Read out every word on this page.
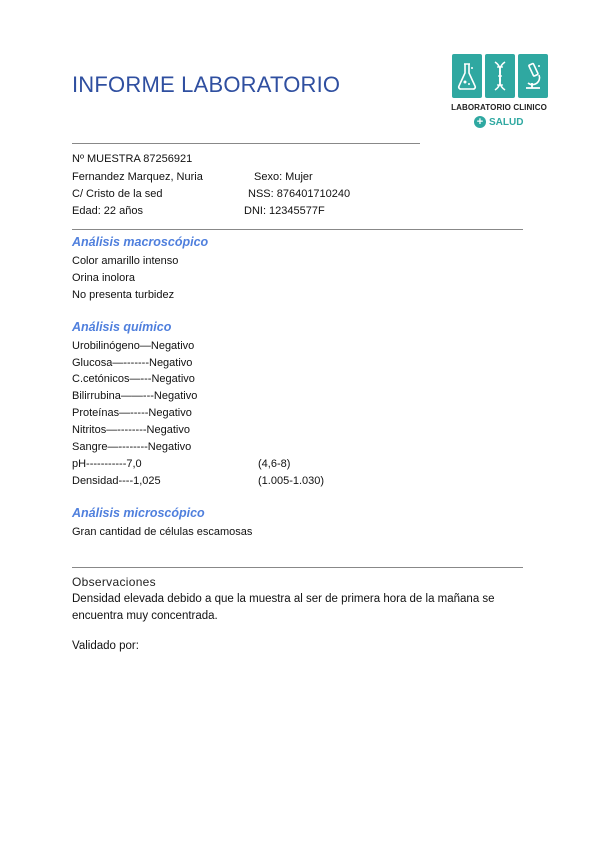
INFORME LABORATORIO
LABORATORIO CLINICO
+ SALUD
Nº MUESTRA 87256921
Fernandez Marquez, Nuria	Sexo: Mujer
C/ Cristo de la sed	NSS: 876401710240
Edad: 22 años	DNI: 12345577F
Análisis macroscópico
Color amarillo intenso
Orina inolora
No presenta turbidez
Análisis químico
Urobilinógeno—Negativo
Glucosa—-------Negativo
C.cetónicos—---Negativo
Bilirrubina——---Negativo
Proteínas—-----Negativo
Nitritos—--------Negativo
Sangre—--------Negativo
pH-----------7,0	(4,6-8)
Densidad----1,025	(1.005-1.030)
Análisis microscópico
Gran cantidad de células escamosas
Observaciones
Densidad elevada debido a que la muestra al ser de primera hora de la mañana se encuentra muy concentrada.
Validado por:
